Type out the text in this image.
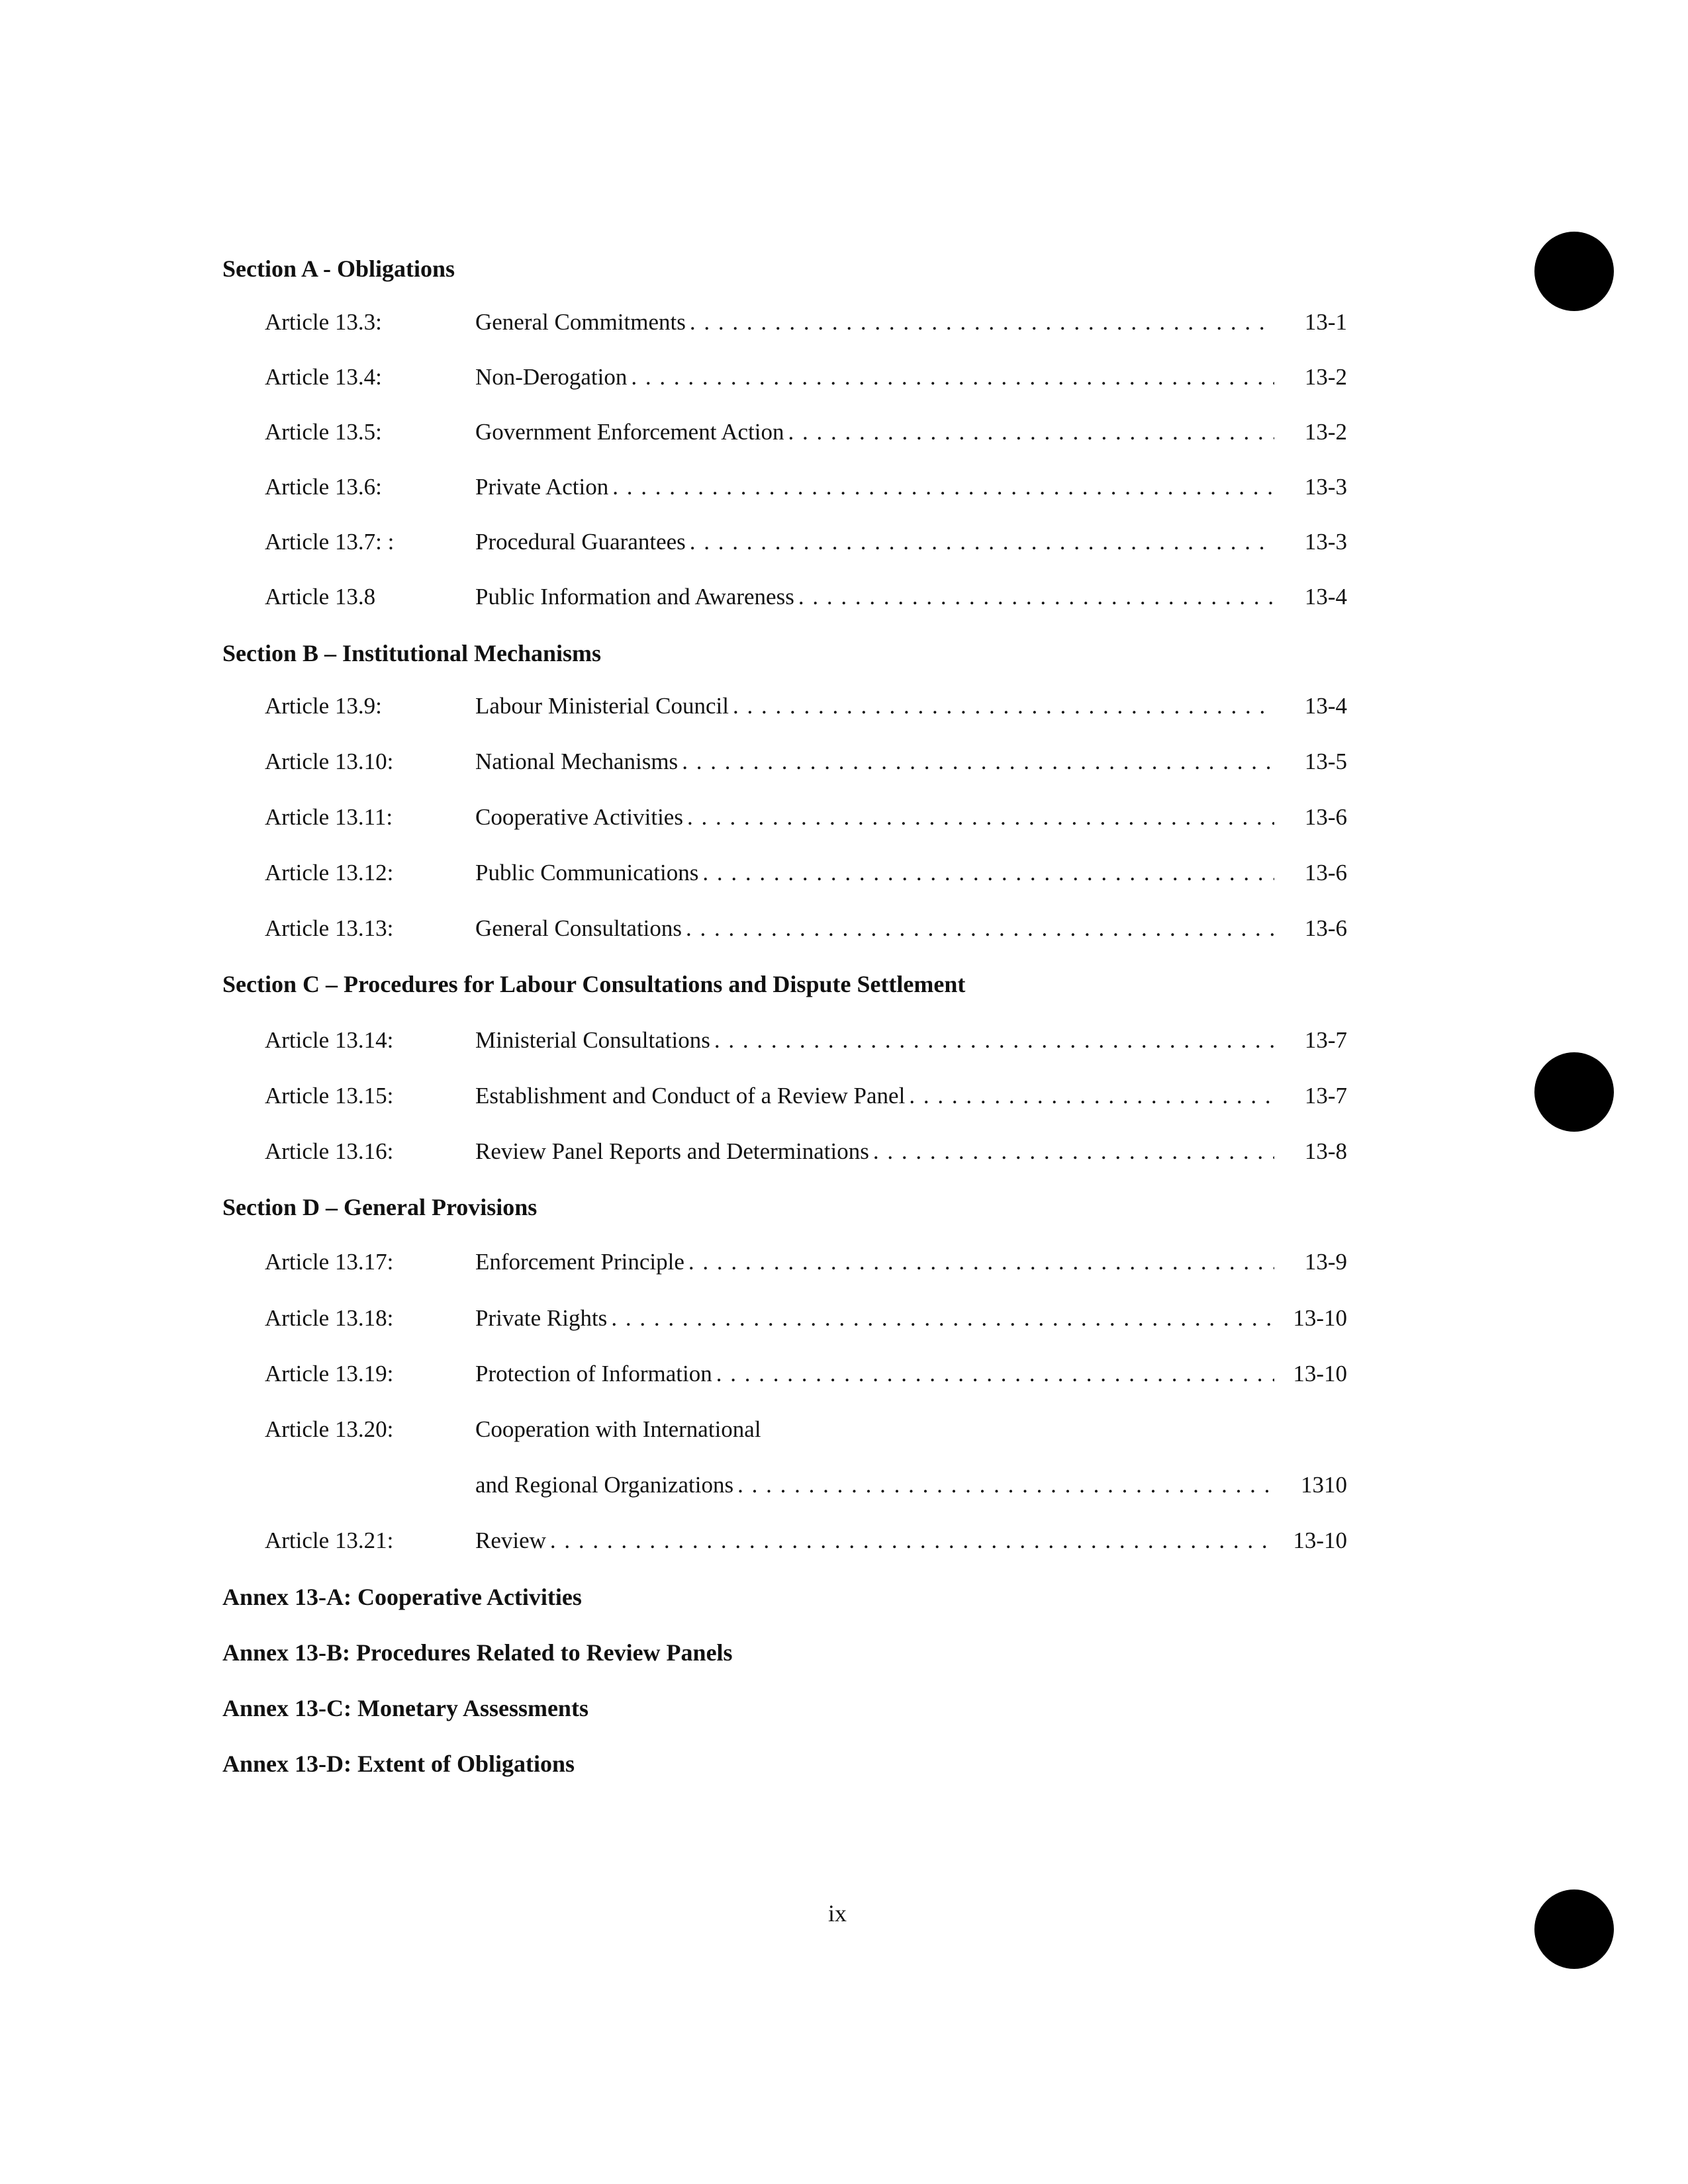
Section A - Obligations
Article 13.3:	General Commitments . . .	13-1
Article 13.4:	Non-Derogation . . .	13-2
Article 13.5:	Government Enforcement Action . . .	13-2
Article 13.6:	Private Action . . .	13-3
Article 13.7: :	Procedural Guarantees . . .	13-3
Article 13.8	Public Information and Awareness . . .	13-4
Section B – Institutional Mechanisms
Article 13.9:	Labour Ministerial Council . . .	13-4
Article 13.10:	National Mechanisms . . .	13-5
Article 13.11:	Cooperative Activities . . .	13-6
Article 13.12:	Public Communications . . .	13-6
Article 13.13:	General Consultations . . .	13-6
Section C – Procedures for Labour Consultations and Dispute Settlement
Article 13.14:	Ministerial Consultations . . .	13-7
Article 13.15:	Establishment and Conduct of a Review Panel . . .	13-7
Article 13.16:	Review Panel Reports and Determinations . . .	13-8
Section D – General Provisions
Article 13.17:	Enforcement Principle . . .	13-9
Article 13.18:	Private Rights . . .	13-10
Article 13.19:	Protection of Information . . .	13-10
Article 13.20:	Cooperation with International
and Regional Organizations . . .	1310
Article 13.21:	Review . . .	13-10
Annex 13-A: Cooperative Activities
Annex 13-B: Procedures Related to Review Panels
Annex 13-C: Monetary Assessments
Annex 13-D: Extent of Obligations
ix
